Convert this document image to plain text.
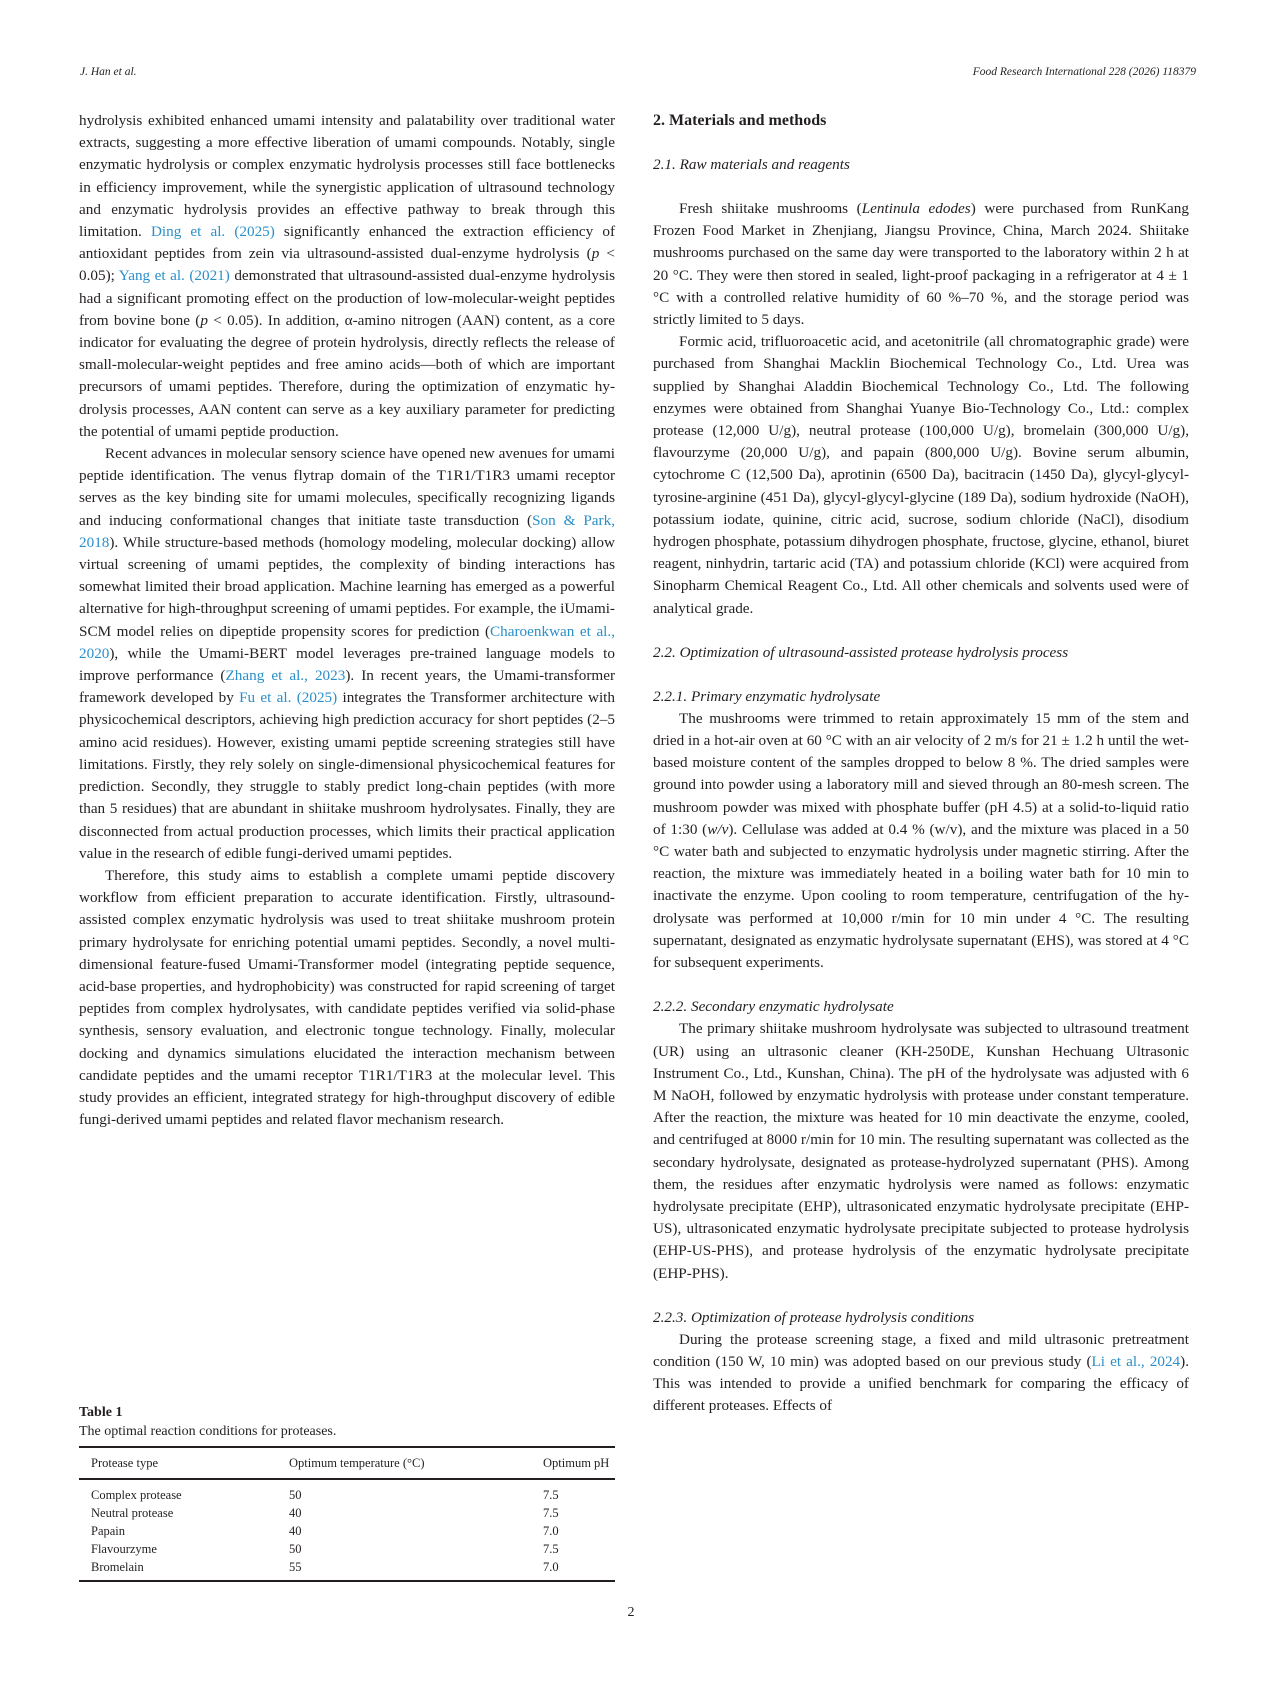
J. Han et al.	Food Research International 228 (2026) 118379

hydrolysis exhibited enhanced umami intensity and palatability over traditional water extracts, suggesting a more effective liberation of umami compounds. Notably, single enzymatic hydrolysis or complex enzymatic hydrolysis processes still face bottlenecks in efficiency improvement, while the synergistic application of ultrasound technology and enzymatic hydrolysis provides an effective pathway to break through this limitation. Ding et al. (2025) significantly enhanced the extraction efficiency of antioxidant peptides from zein via ultrasound-assisted dual-enzyme hydrolysis (p < 0.05); Yang et al. (2021) demonstrated that ultrasound-assisted dual-enzyme hydrolysis had a significant promoting effect on the production of low-molecular-weight peptides from bovine bone (p < 0.05). In addition, α-amino nitrogen (AAN) content, as a core indicator for evaluating the degree of protein hydrolysis, directly reflects the release of small-molecular-weight peptides and free amino acids—both of which are important precursors of umami peptides. Therefore, during the optimization of enzymatic hydrolysis processes, AAN content can serve as a key auxiliary parameter for predicting the potential of umami peptide production.

Recent advances in molecular sensory science have opened new avenues for umami peptide identification. The venus flytrap domain of the T1R1/T1R3 umami receptor serves as the key binding site for umami molecules, specifically recognizing ligands and inducing conformational changes that initiate taste transduction (Son & Park, 2018). While structure-based methods (homology modeling, molecular docking) allow virtual screening of umami peptides, the complexity of binding interactions has somewhat limited their broad application. Machine learning has emerged as a powerful alternative for high-throughput screening of umami peptides. For example, the iUmami-SCM model relies on dipeptide propensity scores for prediction (Charoenkwan et al., 2020), while the Umami-BERT model leverages pre-trained language models to improve performance (Zhang et al., 2023). In recent years, the Umami-transformer framework developed by Fu et al. (2025) integrates the Transformer architecture with physicochemical descriptors, achieving high prediction accuracy for short peptides (2–5 amino acid residues). However, existing umami peptide screening strategies still have limitations. Firstly, they rely solely on single-dimensional physicochemical features for prediction. Secondly, they struggle to stably predict long-chain peptides (with more than 5 residues) that are abundant in shiitake mushroom hydrolysates. Finally, they are disconnected from actual production processes, which limits their practical application value in the research of edible fungi-derived umami peptides.

Therefore, this study aims to establish a complete umami peptide discovery workflow from efficient preparation to accurate identification. Firstly, ultrasound-assisted complex enzymatic hydrolysis was used to treat shiitake mushroom protein primary hydrolysate for enriching potential umami peptides. Secondly, a novel multi-dimensional feature-fused Umami-Transformer model (integrating peptide sequence, acid-base properties, and hydrophobicity) was constructed for rapid screening of target peptides from complex hydrolysates, with candidate peptides verified via solid-phase synthesis, sensory evaluation, and electronic tongue technology. Finally, molecular docking and dynamics simulations elucidated the interaction mechanism between candidate peptides and the umami receptor T1R1/T1R3 at the molecular level. This study provides an efficient, integrated strategy for high-throughput discovery of edible fungi-derived umami peptides and related flavor mechanism research.

Table 1
The optimal reaction conditions for proteases.
Protease type	Optimum temperature (°C)	Optimum pH
Complex protease	50	7.5
Neutral protease	40	7.5
Papain	40	7.0
Flavourzyme	50	7.5
Bromelain	55	7.0
2. Materials and methods
2.1. Raw materials and reagents

Fresh shiitake mushrooms (Lentinula edodes) were purchased from RunKang Frozen Food Market in Zhenjiang, Jiangsu Province, China, March 2024. Shiitake mushrooms purchased on the same day were transported to the laboratory within 2 h at 20 °C. They were then stored in sealed, light-proof packaging in a refrigerator at 4 ± 1 °C with a controlled relative humidity of 60 %–70 %, and the storage period was strictly limited to 5 days.

Formic acid, trifluoroacetic acid, and acetonitrile (all chromatographic grade) were purchased from Shanghai Macklin Biochemical Technology Co., Ltd. Urea was supplied by Shanghai Aladdin Biochemical Technology Co., Ltd. The following enzymes were obtained from Shanghai Yuanye Bio-Technology Co., Ltd.: complex protease (12,000 U/g), neutral protease (100,000 U/g), bromelain (300,000 U/​g), flavourzyme (20,000 U/g), and papain (800,000 U/g). Bovine serum albumin, cytochrome C (12,500 Da), aprotinin (6500 Da), bacitracin (1450 Da), glycyl-glycyl-tyrosine-arginine (451 Da), glycyl-glycyl-​glycine (189 Da), sodium hydroxide (NaOH), potassium iodate, quinine, citric acid, sucrose, sodium chloride (NaCl), disodium hydrogen phosphate, potassium dihydrogen phosphate, fructose, glycine, ethanol, biuret reagent, ninhydrin, tartaric acid (TA) and potassium chloride (KCl) were acquired from Sinopharm Chemical Reagent Co., Ltd. All other chemicals and solvents used were of analytical grade.

2.2. Optimization of ultrasound-assisted protease hydrolysis process
2.2.1. Primary enzymatic hydrolysate

The mushrooms were trimmed to retain approximately 15 mm of the stem and dried in a hot-air oven at 60 °C with an air velocity of 2 m/s for 21 ± 1.2 h until the wet-based moisture content of the samples dropped to below 8 %. The dried samples were ground into powder using a laboratory mill and sieved through an 80-mesh screen. The mushroom powder was mixed with phosphate buffer (pH 4.5) at a solid-to-liquid ratio of 1:30 (w/v). Cellulase was added at 0.4 % (w/v), and the mixture was placed in a 50 °C water bath and subjected to enzymatic hydrolysis under magnetic stirring. After the reaction, the mixture was immediately heated in a boiling water bath for 10 min to inactivate the enzyme. Upon cooling to room temperature, centrifugation of the hydrolysate was performed at 10,000 r/min for 10 min under 4 °C. The resulting supernatant, designated as enzymatic hydrolysate supernatant (EHS), was stored at 4 °C for subsequent experiments.

2.2.2. Secondary enzymatic hydrolysate

The primary shiitake mushroom hydrolysate was subjected to ultrasound treatment (UR) using an ultrasonic cleaner (KH-250DE, Kunshan Hechuang Ultrasonic Instrument Co., Ltd., Kunshan, China). The pH of the hydrolysate was adjusted with 6 M NaOH, followed by enzymatic hydrolysis with protease under constant temperature. After the reaction, the mixture was heated for 10 min deactivate the enzyme, cooled, and centrifuged at 8000 r/min for 10 min. The resulting supernatant was collected as the secondary hydrolysate, designated as protease-hydrolyzed supernatant (PHS). Among them, the residues after enzymatic hydrolysis were named as follows: enzymatic hydrolysate precipitate (EHP), ultrasonicated enzymatic hydrolysate precipitate (EHP-US), ultrasonicated enzymatic hydrolysate precipitate subjected to protease hydrolysis (EHP-US-PHS), and protease hydrolysis of the enzymatic hydrolysate precipitate (EHP-PHS).

2.2.3. Optimization of protease hydrolysis conditions

During the protease screening stage, a fixed and mild ultrasonic pretreatment condition (150 W, 10 min) was adopted based on our previous study (Li et al., 2024). This was intended to provide a unified benchmark for comparing the efficacy of different proteases. Effects of

2
